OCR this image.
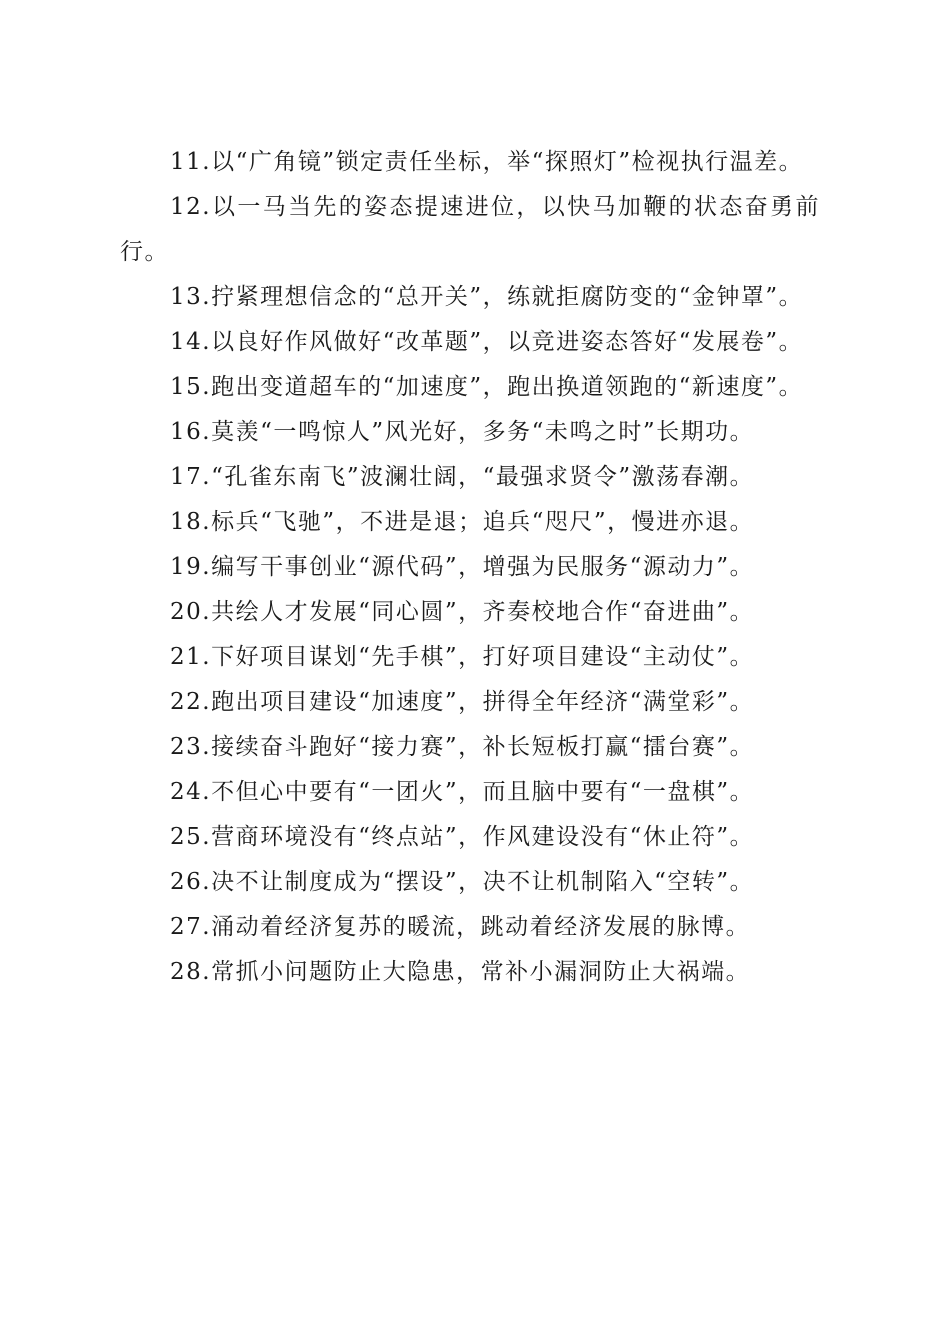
11.以“广角镜”锁定责任坐标，举“探照灯”检视执行温差。

12.以一马当先的姿态提速进位，以快马加鞭的状态奋勇前行。

13.拧紧理想信念的“总开关”，练就拒腐防变的“金钟罩”。

14.以良好作风做好“改革题”，以竞进姿态答好“发展卷”。

15.跑出变道超车的“加速度”，跑出换道领跑的“新速度”。

16.莫羡“一鸣惊人”风光好，多务“未鸣之时”长期功。

17.“孔雀东南飞”波澜壮阔，“最强求贤令”激荡春潮。

18.标兵“飞驰”，不进是退；追兵“咫尺”，慢进亦退。

19.编写干事创业“源代码”，增强为民服务“源动力”。

20.共绘人才发展“同心圆”，齐奏校地合作“奋进曲”。

21.下好项目谋划“先手棋”，打好项目建设“主动仗”。

22.跑出项目建设“加速度”，拼得全年经济“满堂彩”。

23.接续奋斗跑好“接力赛”，补长短板打赢“擂台赛”。

24.不但心中要有“一团火”，而且脑中要有“一盘棋”。

25.营商环境没有“终点站”，作风建设没有“休止符”。

26.决不让制度成为“摆设”，决不让机制陷入“空转”。

27.涌动着经济复苏的暖流，跳动着经济发展的脉博。

28.常抓小问题防止大隐患，常补小漏洞防止大祸端。
